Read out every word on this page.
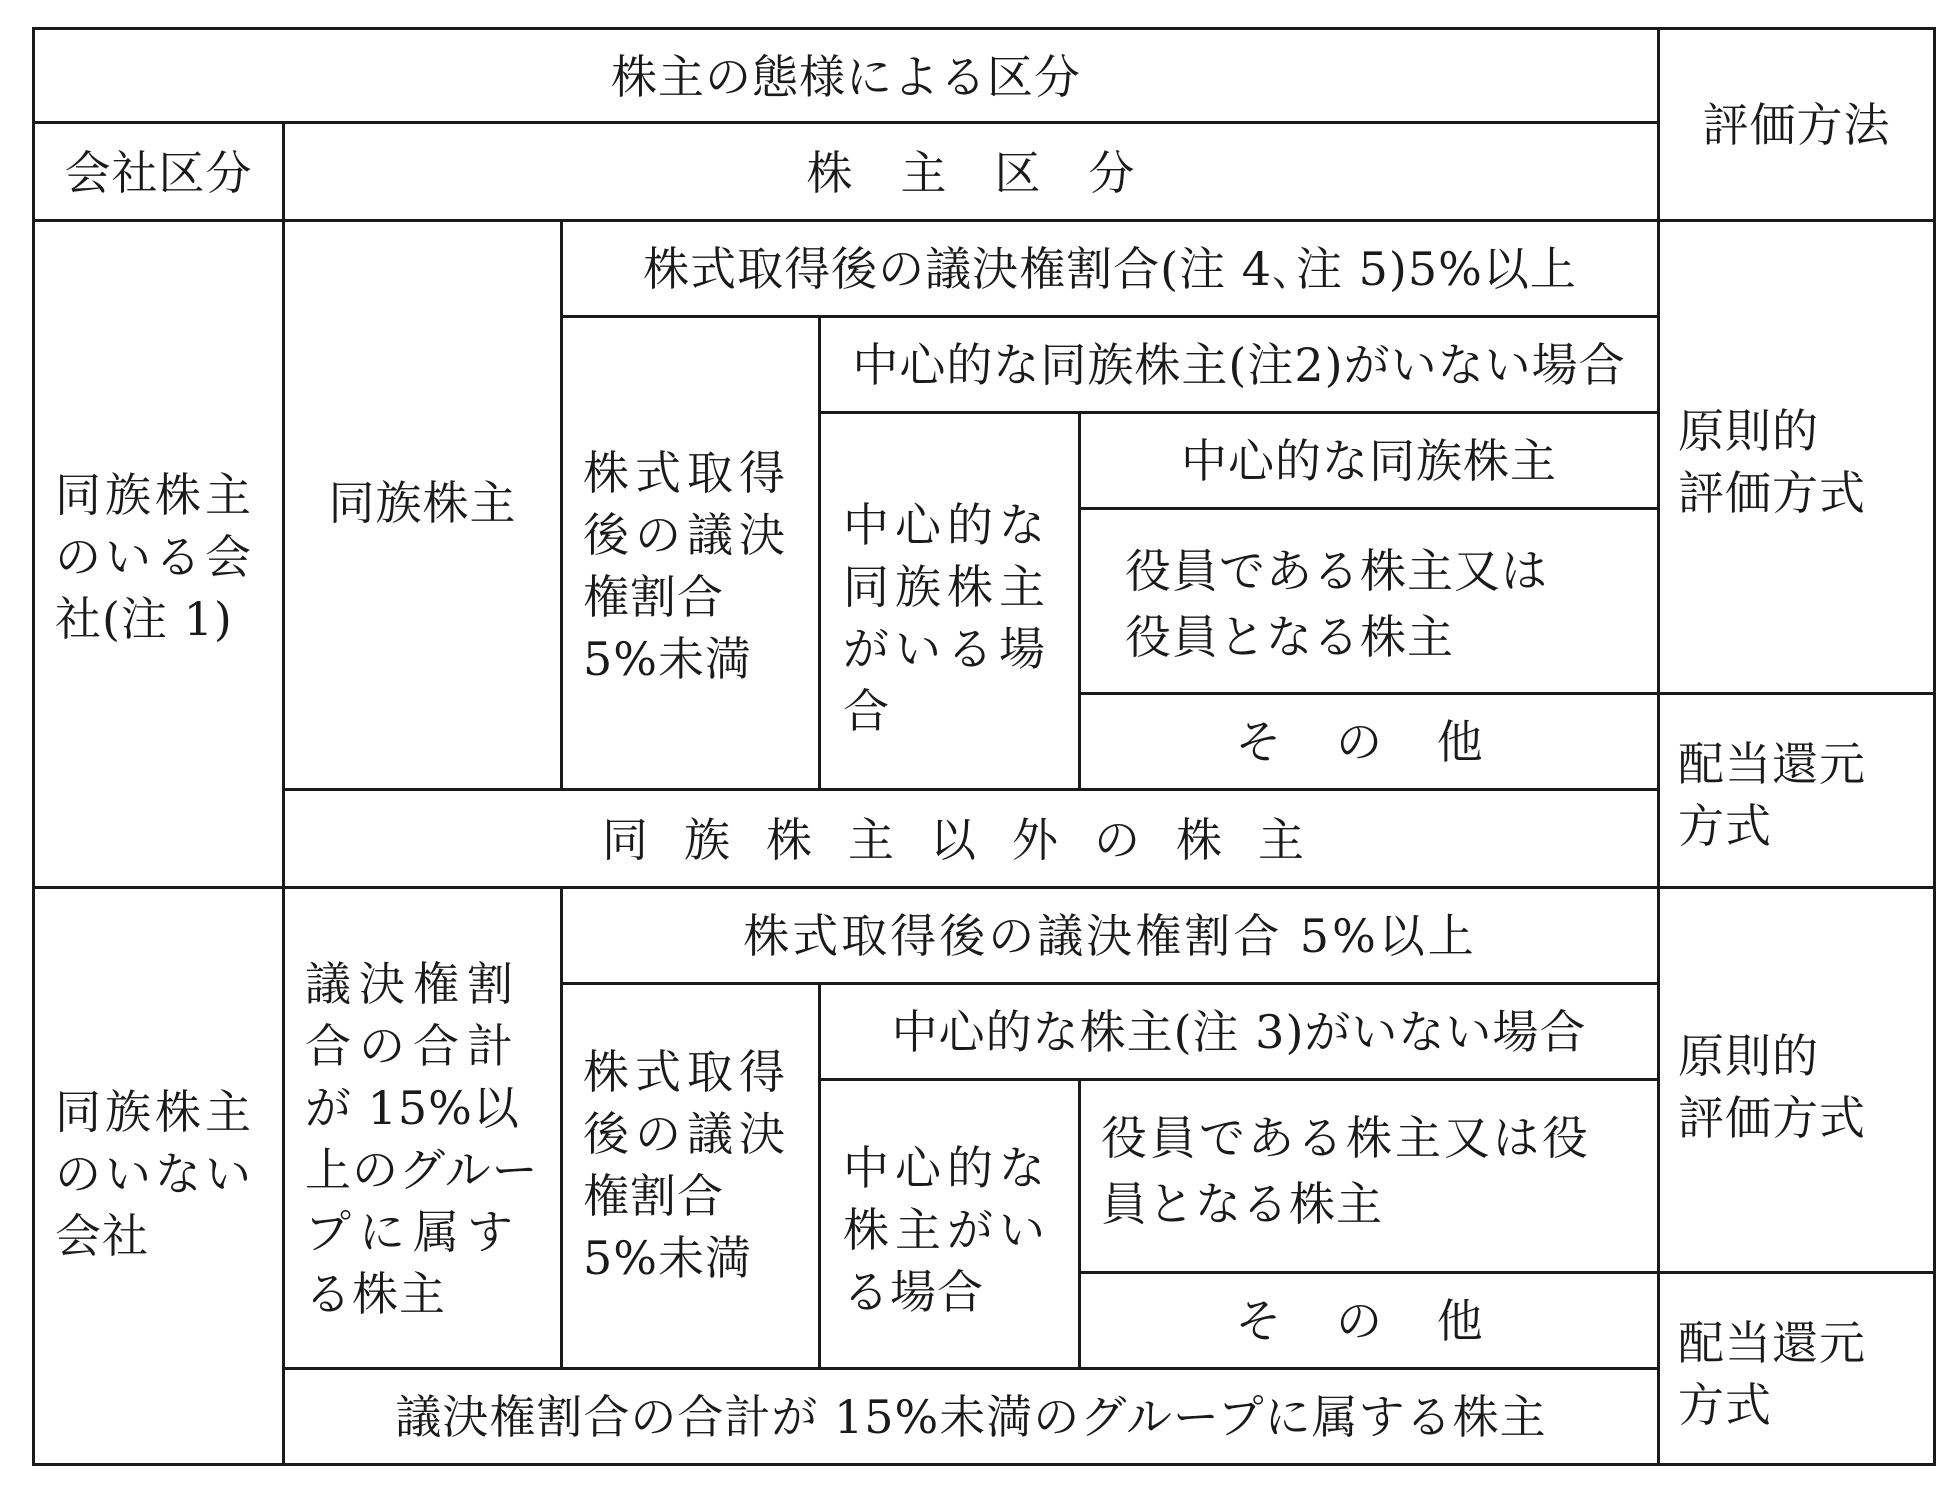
株主の態様による区分
評価方法
会社区分	株　主　区　分
同族株主
のいる会
社(注 1)
同族株主
株式取得後の議決権割合(注 4､注 5)5%以上
株式取得
後の議決
権割合
5%未満
中心的な同族株主(注2)がいない場合
中心的な
同族株主
がいる場
合
中心的な同族株主
役員である株主又は
役員となる株主
そ の 他
同族株主以外の株主
原則的
評価方式
配当還元
方式
同族株主
のいない
会社
議決権割
合の合計
が 15%以
上のグルー
プに属す
る株主
株式取得後の議決権割合 5%以上
株式取得
後の議決
権割合
5%未満
中心的な株主(注 3)がいない場合
中心的な
株主がい
る場合
役員である株主又は役
員となる株主
そ の 他
議決権割合の合計が 15%未満のグループに属する株主
原則的
評価方式
配当還元
方式
